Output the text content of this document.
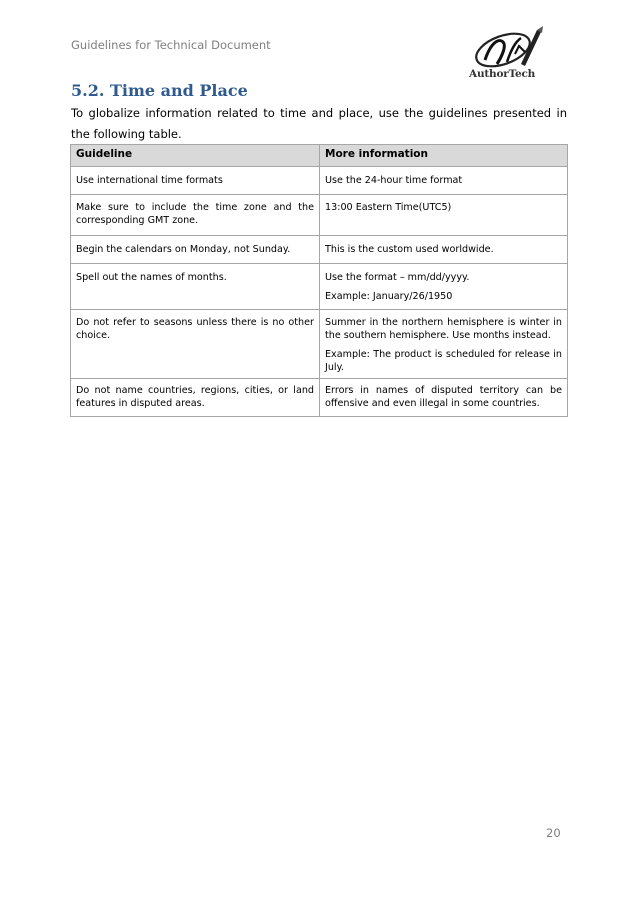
Guidelines for Technical Document
AuthorTech
5.2. Time and Place
To globalize information related to time and place, use the guidelines presented in the following table.
Guideline	More information
Use international time formats	Use the 24-hour time format

Make sure to include the time zone and the corresponding GMT zone.	13:00 Eastern Time(UTC5)

Begin the calendars on Monday, not Sunday.	This is the custom used worldwide.

Spell out the names of months.	Use the format – mm/dd/yyyy.

Example: January/26/1950

Do not refer to seasons unless there is no other choice.	Summer in the northern hemisphere is winter in the southern hemisphere. Use months instead.

Example: The product is scheduled for release in July.

Do not name countries, regions, cities, or land features in disputed areas.	Errors in names of disputed territory can be offensive and even illegal in some countries.

20
